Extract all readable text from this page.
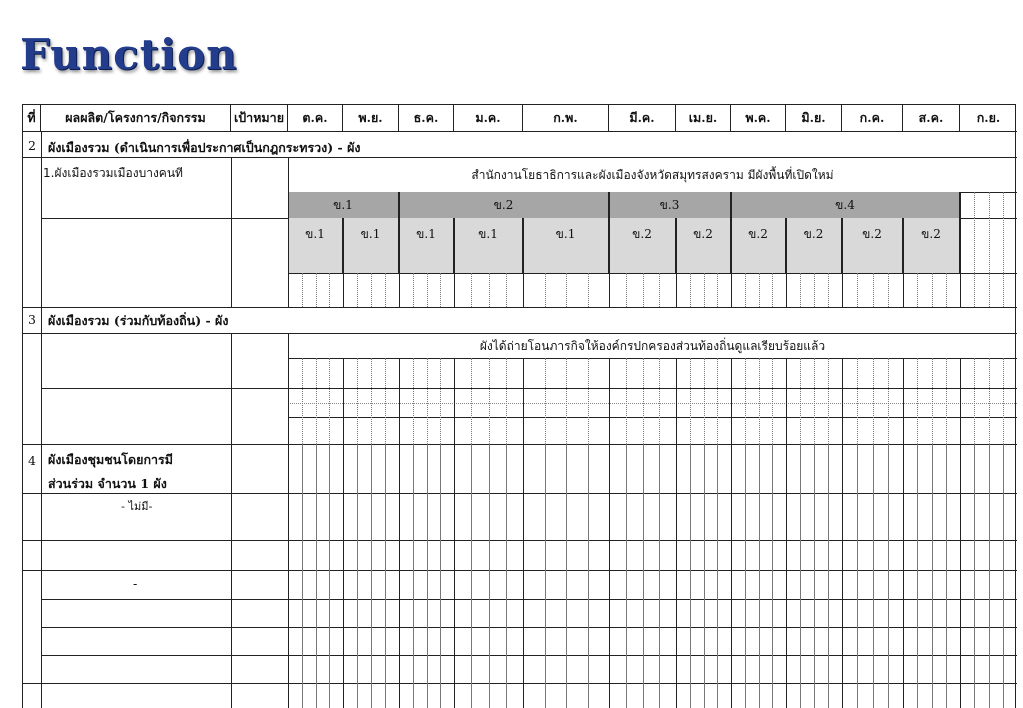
Function
ที่	ผลผลิต/โครงการ/กิจกรรม	เป้าหมาย	ต.ค.	พ.ย.	ธ.ค.	ม.ค.	ก.พ.	มี.ค.	เม.ย.	พ.ค.	มิ.ย.	ก.ค.	ส.ค.	ก.ย.
2 ผังเมืองรวม (ดำเนินการเพื่อประกาศเป็นกฎกระทรวง) - ผัง
1.ผังเมืองรวมเมืองบางคนที	สำนักงานโยธาธิการและผังเมืองจังหวัดสมุทรสงคราม มีผังพื้นที่เปิดใหม่
ข.1	ข.2	ข.3	ข.4
ข.1	ข.1	ข.1	ข.1	ข.1	ข.2	ข.2	ข.2	ข.2	ข.2	ข.2
3 ผังเมืองรวม (ร่วมกับท้องถิ่น) - ผัง
ผังได้ถ่ายโอนภารกิจให้องค์กรปกครองส่วนท้องถิ่นดูแลเรียบร้อยแล้ว
4 ผังเมืองชุมชนโดยการมี
ส่วนร่วม จำนวน 1 ผัง
- ไม่มี-
-
